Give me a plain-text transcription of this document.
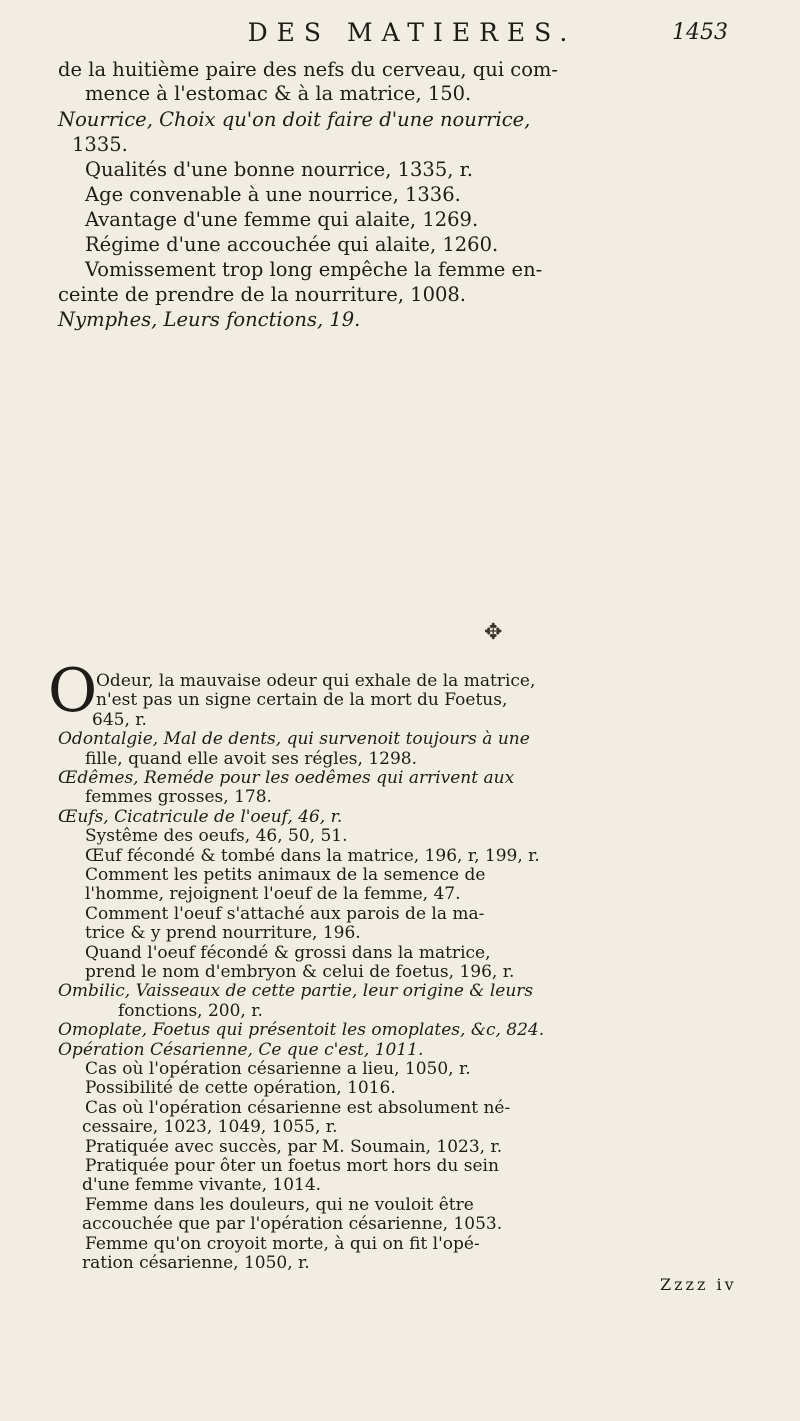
DES MATIERES.	1453
de la huitième paire des nefs du cerveau, qui com-
mence à l'estomac & à la matrice, 150.
Nourrice, Choix qu'on doit faire d'une nourrice,
1335.
Qualités d'une bonne nourrice, 1335, r.
Age convenable à une nourrice, 1336.
Avantage d'une femme qui alaite, 1269.
Régime d'une accouchée qui alaite, 1260.
Vomissement trop long empêche la femme en-
ceinte de prendre de la nourriture, 1008.
Nymphes, Leurs fonctions, 19.
✥
O
Odeur, la mauvaise odeur qui exhale de la matrice,
n'est pas un signe certain de la mort du Foetus,
645, r.
Odontalgie, Mal de dents, qui survenoit toujours à une
fille, quand elle avoit ses régles, 1298.
Œdêmes, Reméde pour les oedêmes qui arrivent aux
femmes grosses, 178.
Œufs, Cicatricule de l'oeuf, 46, r.
Systême des oeufs, 46, 50, 51.
Œuf fécondé & tombé dans la matrice, 196, r, 199, r.
Comment les petits animaux de la semence de
l'homme, rejoignent l'oeuf de la femme, 47.
Comment l'oeuf s'attaché aux parois de la ma-
trice & y prend nourriture, 196.
Quand l'oeuf fécondé & grossi dans la matrice,
prend le nom d'embryon & celui de foetus, 196, r.
Ombilic, Vaisseaux de cette partie, leur origine & leurs
fonctions, 200, r.
Omoplate, Foetus qui présentoit les omoplates, &c, 824.
Opération Césarienne, Ce que c'est, 1011.
Cas où l'opération césarienne a lieu, 1050, r.
Possibilité de cette opération, 1016.
Cas où l'opération césarienne est absolument né-
cessaire, 1023, 1049, 1055, r.
Pratiquée avec succès, par M. Soumain, 1023, r.
Pratiquée pour ôter un foetus mort hors du sein
d'une femme vivante, 1014.
Femme dans les douleurs, qui ne vouloit être
accouchée que par l'opération césarienne, 1053.
Femme qu'on croyoit morte, à qui on fit l'opé-
ration césarienne, 1050, r.
Zzzz iv
